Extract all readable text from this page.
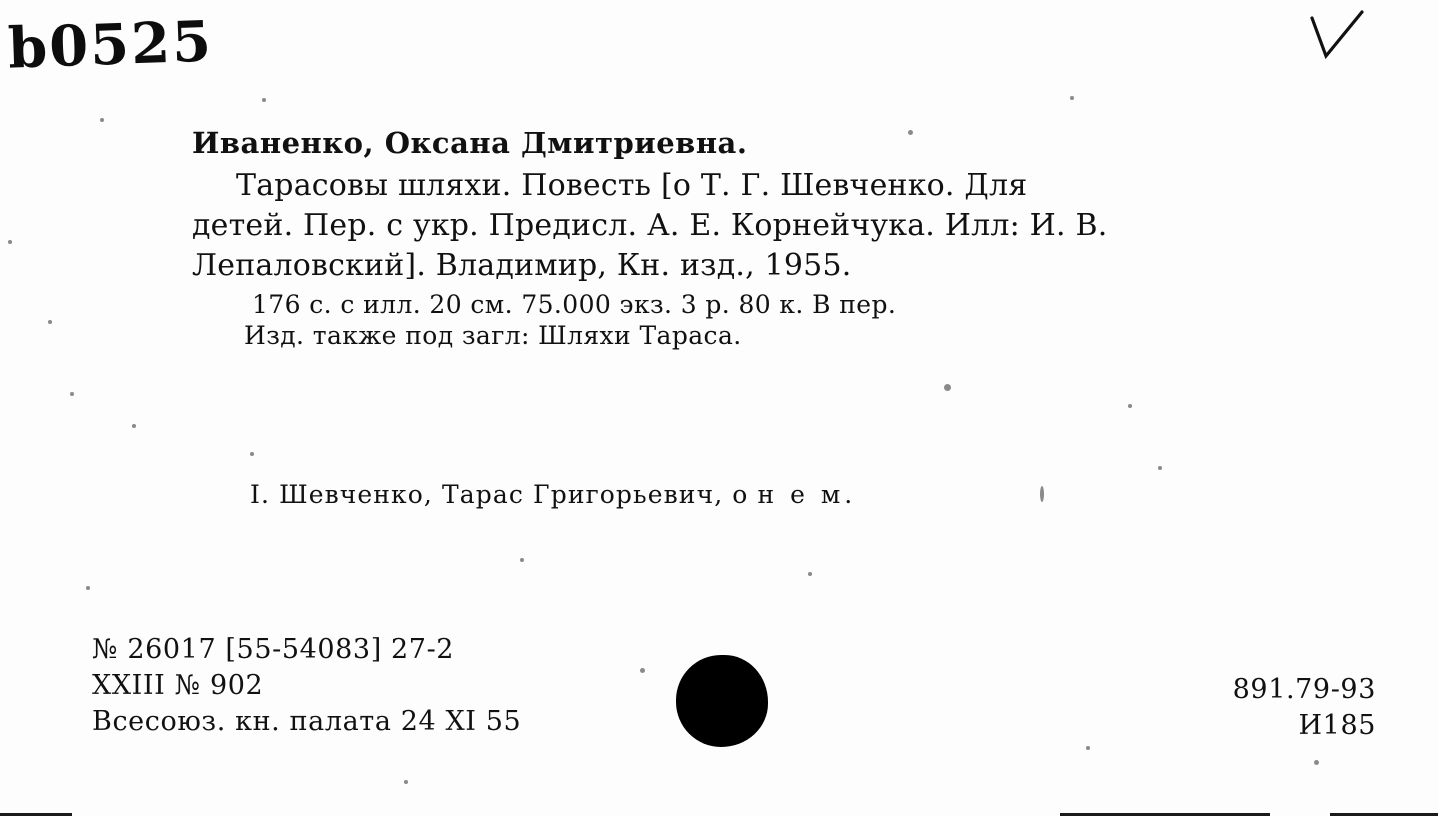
b0525

Иваненко, Оксана Дмитриевна.

Тарасовы шляхи. Повесть [о Т. Г. Шевченко. Для
детей. Пер. с укр. Предисл. А. Е. Корнейчука. Илл: И. В.
Лепаловский]. Владимир, Кн. изд., 1955.

176 с. с илл. 20 см. 75.000 экз. 3 р. 80 к. В пер.

Изд. также под загл: Шляхи Тараса.

I. Шевченко, Тарас Григорьевич, о н е м.
№ 26017 [55-54083] 27-2
XXIII № 902
Всесоюз. кн. палата 24 XI 55
891.79-93
И185
